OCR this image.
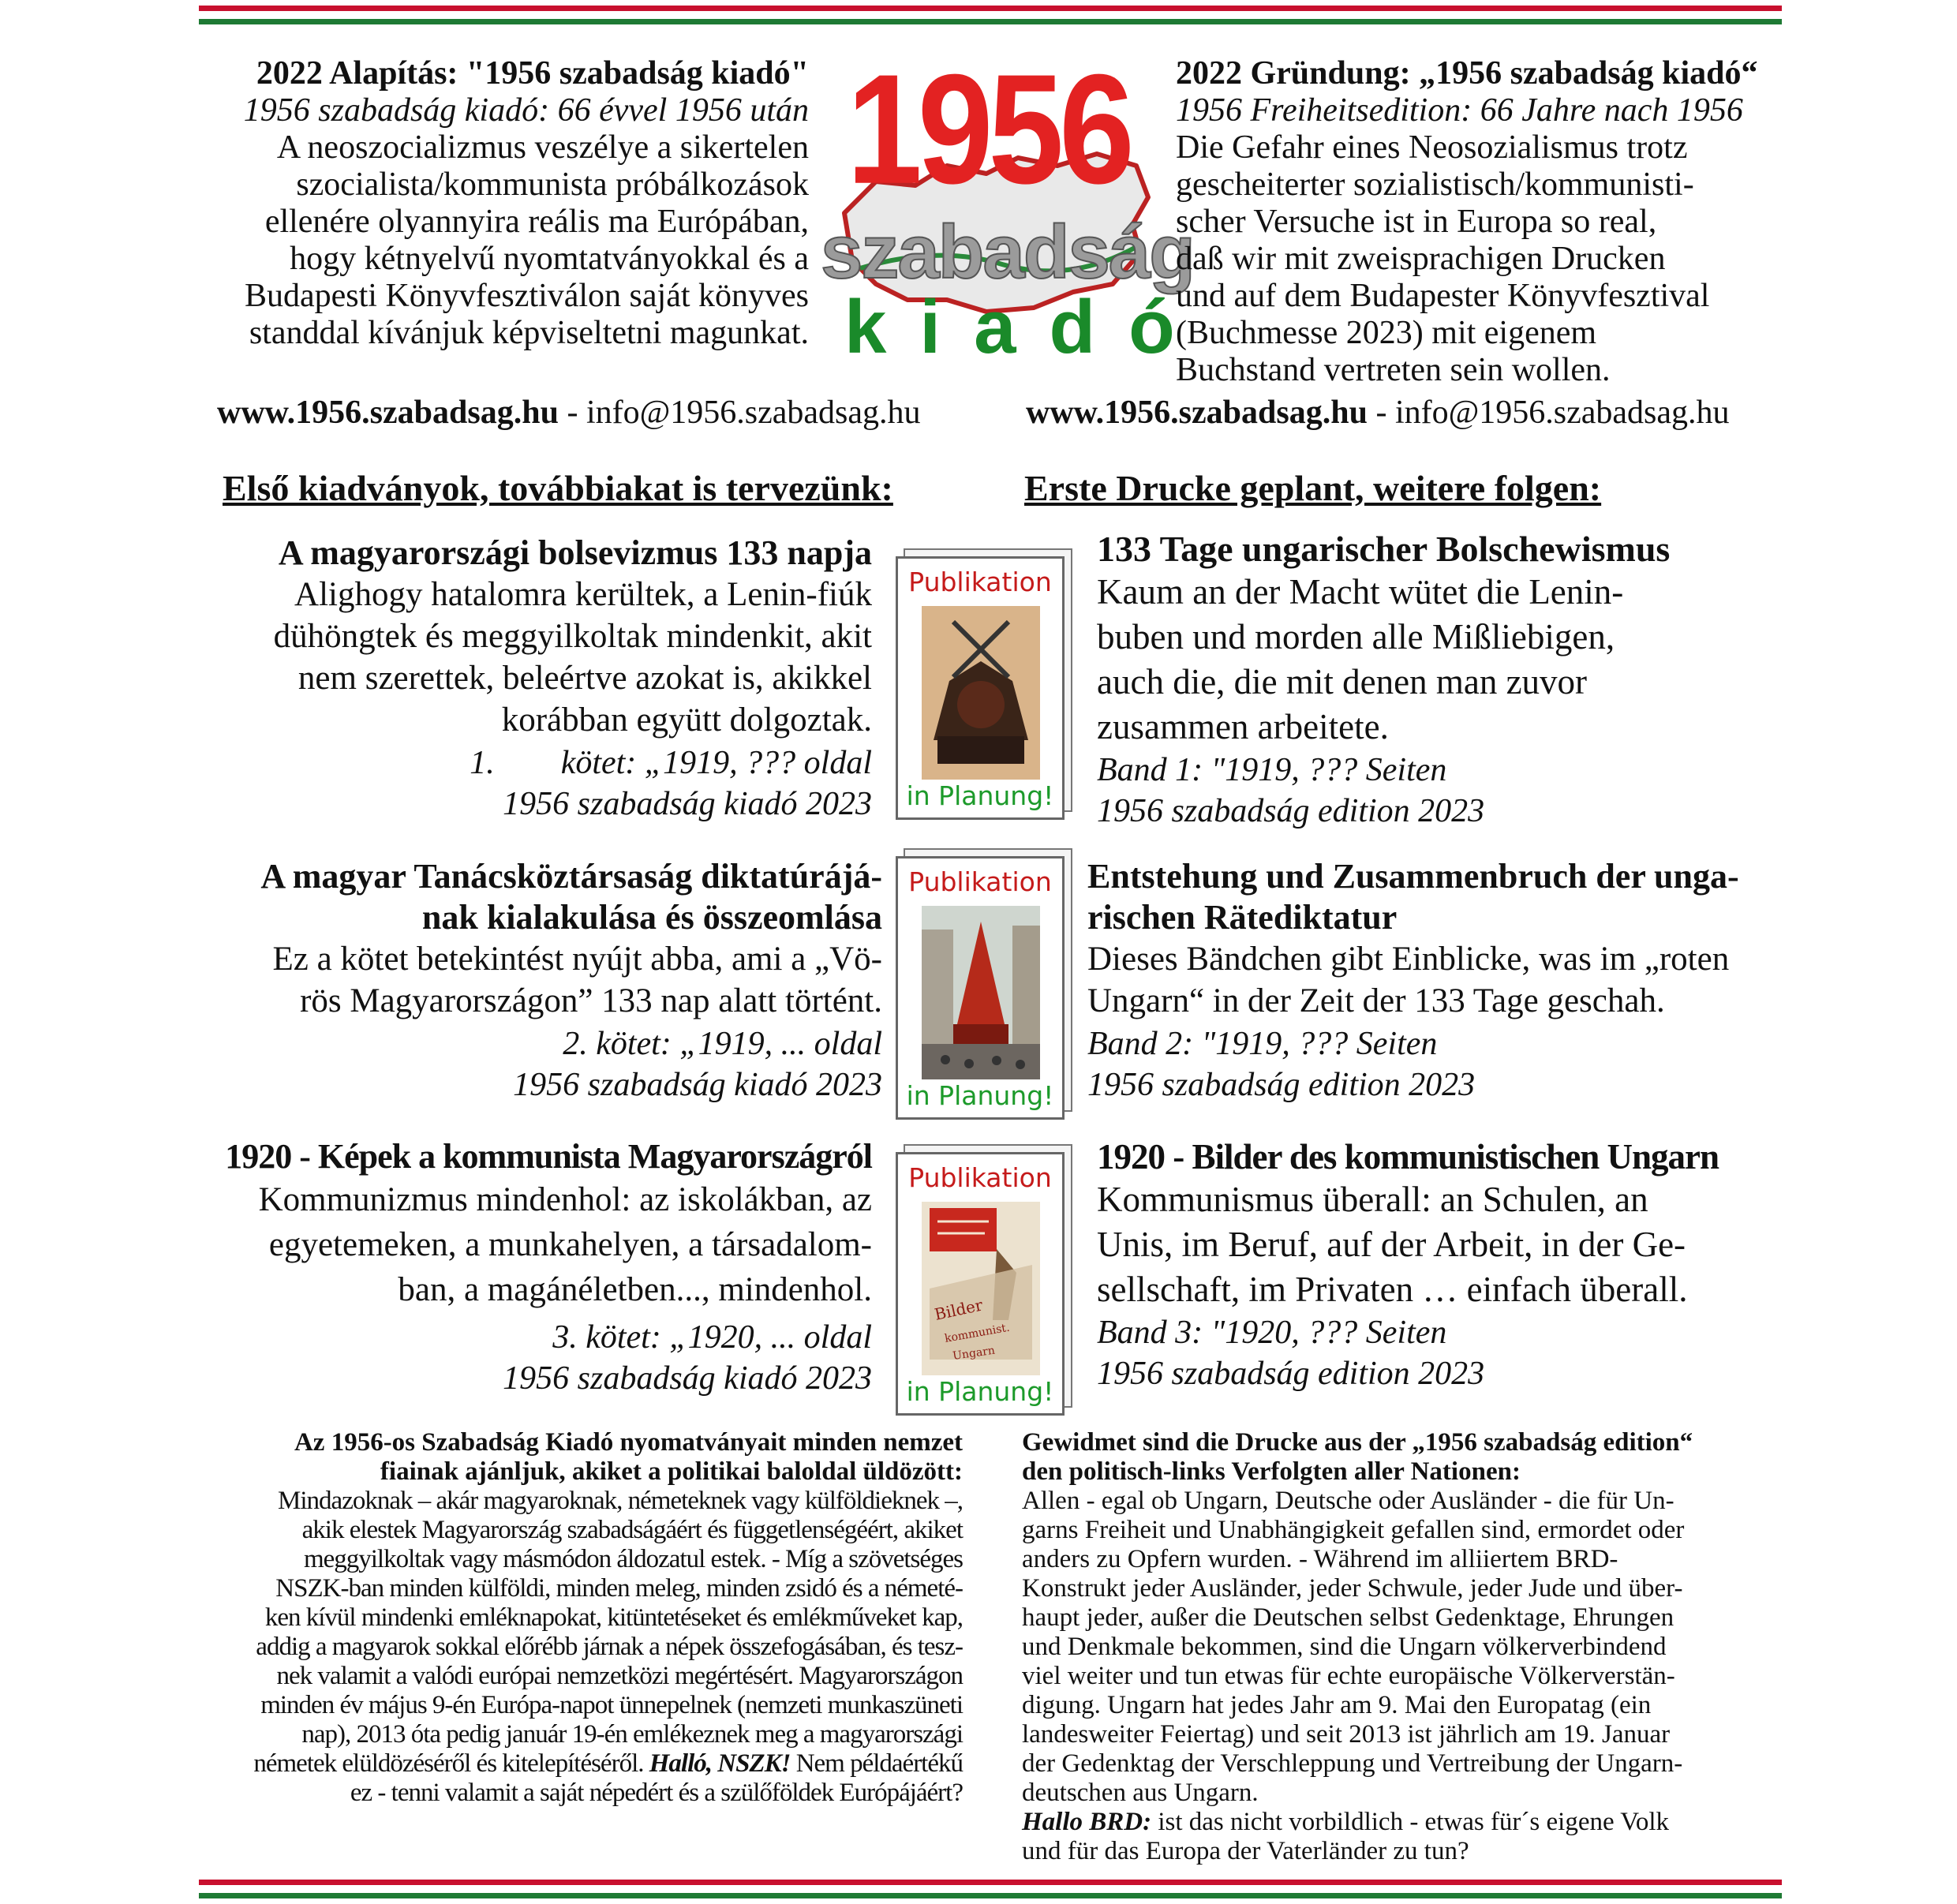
2022 Alapítás: "1956 szabadság kiadó"
1956 szabadság kiadó: 66 évvel 1956 után
A neoszocializmus veszélye a sikertelen
szocialista/kommunista próbálkozások
ellenére olyannyira reális ma Európában,
hogy kétnyelvű nyomtatványokkal és a
Budapesti Könyvfesztiválon saját könyves
standdal kívánjuk képviseltetni magunkat.
www.1956.szabadsag.hu - info@1956.szabadsag.hu
1956
szabadság
kiadó
2022 Gründung: „1956 szabadság kiadó“
1956 Freiheitsedition: 66 Jahre nach 1956
Die Gefahr eines Neosozialismus trotz
gescheiterter sozialistisch/kommunisti-
scher Versuche ist in Europa so real,
daß wir mit zweisprachigen Drucken
und auf dem Budapester Könyvfesztival
(Buchmesse 2023) mit eigenem
Buchstand vertreten sein wollen.
www.1956.szabadsag.hu - info@1956.szabadsag.hu
Első kiadványok, továbbiakat is tervezünk:	Erste Drucke geplant, weitere folgen:
A magyarországi bolsevizmus 133 napja
Alighogy hatalomra kerültek, a Lenin-fiúk
dühöngtek és meggyilkoltak mindenkit, akit
nem szerettek, beleértve azokat is, akikkel
korábban együtt dolgoztak.
1.        kötet: „1919, ??? oldal
1956 szabadság kiadó 2023
Publikation
in Planung!
133 Tage ungarischer Bolschewismus
Kaum an der Macht wütet die Lenin-
buben und morden alle Mißliebigen,
auch die, die mit denen man zuvor
zusammen arbeitete.
Band 1: "1919, ??? Seiten
1956 szabadság edition 2023
A magyar Tanácsköztársaság diktatúrájá-
nak kialakulása és összeomlása
Ez a kötet betekintést nyújt abba, ami a „Vö-
rös Magyarországon” 133 nap alatt történt.
2. kötet: „1919, ... oldal
1956 szabadság kiadó 2023
Publikation
in Planung!
Entstehung und Zusammenbruch der unga-
rischen Rätediktatur
Dieses Bändchen gibt Einblicke, was im „roten
Ungarn“ in der Zeit der 133 Tage geschah.
Band 2: "1919, ??? Seiten
1956 szabadság edition 2023
1920 - Képek a kommunista Magyarországról
Kommunizmus mindenhol: az iskolákban, az
egyetemeken, a munkahelyen, a társadalom-
ban, a magánéletben..., mindenhol.
3. kötet: „1920, ... oldal
1956 szabadság kiadó 2023
Publikation
Bilder
kommunist.
Ungarn
in Planung!
1920 - Bilder des kommunistischen Ungarn
Kommunismus überall: an Schulen, an
Unis, im Beruf, auf der Arbeit, in der Ge-
sellschaft, im Privaten … einfach überall.
Band 3: "1920, ??? Seiten
1956 szabadság edition 2023
Az 1956-os Szabadság Kiadó nyomatványait minden nemzet
fiainak ajánljuk, akiket a politikai baloldal üldözött:
Mindazoknak – akár magyaroknak, németeknek vagy külföldieknek –,
akik elestek Magyarország szabadságáért és függetlenségéért, akiket
meggyilkoltak vagy másmódon áldozatul estek. - Míg a szövetséges
NSZK-ban minden külföldi, minden meleg, minden zsidó és a németé-
ken kívül mindenki emléknapokat, kitüntetéseket és emlékműveket kap,
addig a magyarok sokkal előrébb járnak a népek összefogásában, és tesz-
nek valamit a valódi európai nemzetközi megértésért. Magyarországon
minden év május 9-én Európa-napot ünnepelnek (nemzeti munkaszüneti
nap), 2013 óta pedig január 19-én emlékeznek meg a magyarországi
németek elüldözéséről és kitelepítéséről. Halló, NSZK! Nem példaértékű
ez - tenni valamit a saját népedért és a szülőföldek Európájáért?
Gewidmet sind die Drucke aus der „1956 szabadság edition“
den politisch-links Verfolgten aller Nationen:
Allen - egal ob Ungarn, Deutsche oder Ausländer - die für Un-
garns Freiheit und Unabhängigkeit gefallen sind, ermordet oder
anders zu Opfern wurden. - Während im alliiertem BRD-
Konstrukt jeder Ausländer, jeder Schwule, jeder Jude und über-
haupt jeder, außer die Deutschen selbst Gedenktage, Ehrungen
und Denkmale bekommen, sind die Ungarn völkerverbindend
viel weiter und tun etwas für echte europäische Völkerverstän-
digung. Ungarn hat jedes Jahr am 9. Mai den Europatag (ein
landesweiter Feiertag) und seit 2013 ist jährlich am 19. Januar
der Gedenktag der Verschleppung und Vertreibung der Ungarn-
deutschen aus Ungarn.
Hallo BRD: ist das nicht vorbildlich - etwas für´s eigene Volk
und für das Europa der Vaterländer zu tun?
